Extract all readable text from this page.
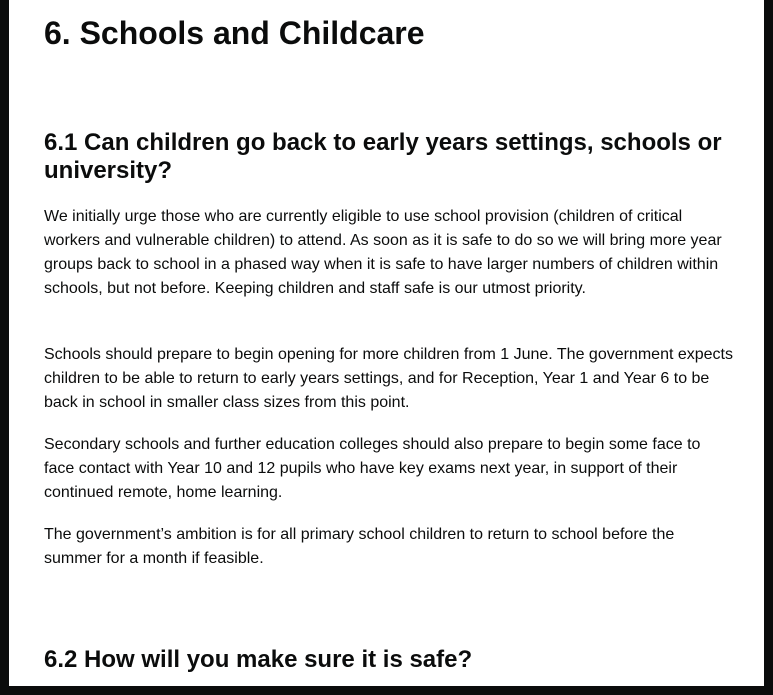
6. Schools and Childcare
6.1 Can children go back to early years settings, schools or university?

We initially urge those who are currently eligible to use school provision (children of critical workers and vulnerable children) to attend. As soon as it is safe to do so we will bring more year groups back to school in a phased way when it is safe to have larger numbers of children within schools, but not before. Keeping children and staff safe is our utmost priority.

Schools should prepare to begin opening for more children from 1 June. The government expects children to be able to return to early years settings, and for Reception, Year 1 and Year 6 to be back in school in smaller class sizes from this point.

Secondary schools and further education colleges should also prepare to begin some face to face contact with Year 10 and 12 pupils who have key exams next year, in support of their continued remote, home learning.

The government’s ambition is for all primary school children to return to school before the summer for a month if feasible.

6.2 How will you make sure it is safe?
